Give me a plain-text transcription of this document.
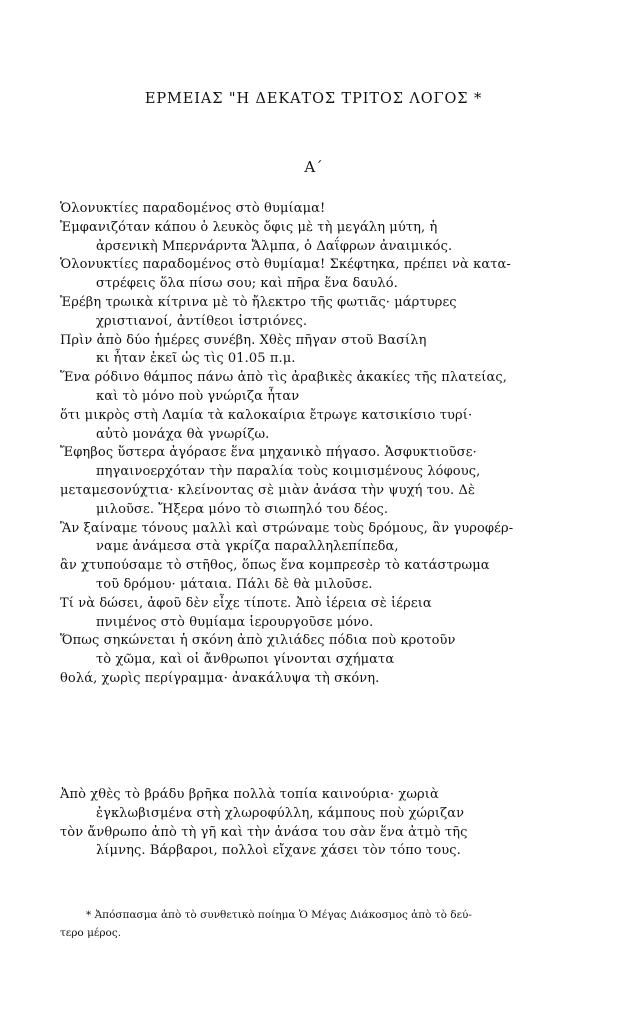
ΕΡΜΕΙΑΣ "Η ΔΕΚΑΤΟΣ ΤΡΙΤΟΣ ΛΟΓΟΣ *
Α΄
Ὁλονυκτίες παραδομένος στὸ θυμίαμα!
Ἐμφανιζόταν κάπου ὁ λευκὸς ὄφις μὲ τὴ μεγάλη μύτη, ἡ
ἀρσενικὴ Μπερνάρντα Ἄλμπα, ὁ Δαΐφρων ἀναιμικός.
Ὁλονυκτίες παραδομένος στὸ θυμίαμα! Σκέφτηκα, πρέπει νὰ κατα-
στρέφεις ὅλα πίσω σου; καὶ πῆρα ἕνα δαυλό.
Ἐρέβη τρωικὰ κίτρινα μὲ τὸ ἤλεκτρο τῆς φωτιᾶς· μάρτυρες
χριστιανοί, ἀντίθεοι ἱστριόνες.
Πρὶν ἀπὸ δύο ἡμέρες συνέβη. Χθὲς πῆγαν στοῦ Βασίλη
κι ἦταν ἐκεῖ ὡς τὶς 01.05 π.μ.
Ἕνα ρόδινο θάμπος πάνω ἀπὸ τὶς ἀραβικὲς ἀκακίες τῆς πλατείας,
καὶ τὸ μόνο ποὺ γνώριζα ἦταν
ὅτι μικρὸς στὴ Λαμία τὰ καλοκαίρια ἔτρωγε κατσικίσιο τυρί·
αὐτὸ μονάχα θὰ γνωρίζω.
Ἔφηβος ὕστερα ἀγόρασε ἕνα μηχανικὸ πήγασο. Ἀσφυκτιοῦσε·
πηγαινοερχόταν τὴν παραλία τοὺς κοιμισμένους λόφους,
μεταμεσονύχτια· κλείνοντας σὲ μιὰν ἀνάσα τὴν ψυχή του. Δὲ
μιλοῦσε. Ἤξερα μόνο τὸ σιωπηλό του δέος.
Ἂν ξαίναμε τόνους μαλλὶ καὶ στρώναμε τοὺς δρόμους, ἂν γυροφέρ-
ναμε ἀνάμεσα στὰ γκρίζα παραλληλεπίπεδα,
ἂν χτυπούσαμε τὸ στῆθος, ὅπως ἕνα κομπρεσὲρ τὸ κατάστρωμα
τοῦ δρόμου· μάταια. Πάλι δὲ θὰ μιλοῦσε.
Τί νὰ δώσει, ἀφοῦ δὲν εἶχε τίποτε. Ἀπὸ ἱέρεια σὲ ἱέρεια
πνιμένος στὸ θυμίαμα ἱερουργοῦσε μόνο.
Ὅπως σηκώνεται ἡ σκόνη ἀπὸ χιλιάδες πόδια ποὺ κροτοῦν
τὸ χῶμα, καὶ οἱ ἄνθρωποι γίνονται σχήματα
θολά, χωρὶς περίγραμμα· ἀνακάλυψα τὴ σκόνη.
Ἀπὸ χθὲς τὸ βράδυ βρῆκα πολλὰ τοπία καινούρια· χωριὰ
ἐγκλωβισμένα στὴ χλωροφύλλη, κάμπους ποὺ χώριζαν
τὸν ἄνθρωπο ἀπὸ τὴ γῆ καὶ τὴν ἀνάσα του σὰν ἕνα ἀτμὸ τῆς
λίμνης. Βάρβαροι, πολλοὶ εἴχανε χάσει τὸν τόπο τους.
* Ἀπόσπασμα ἀπὸ τὸ συνθετικὸ ποίημα Ὁ Μέγας Διάκοσμος ἀπὸ τὸ δεύ-
τερο μέρος.
